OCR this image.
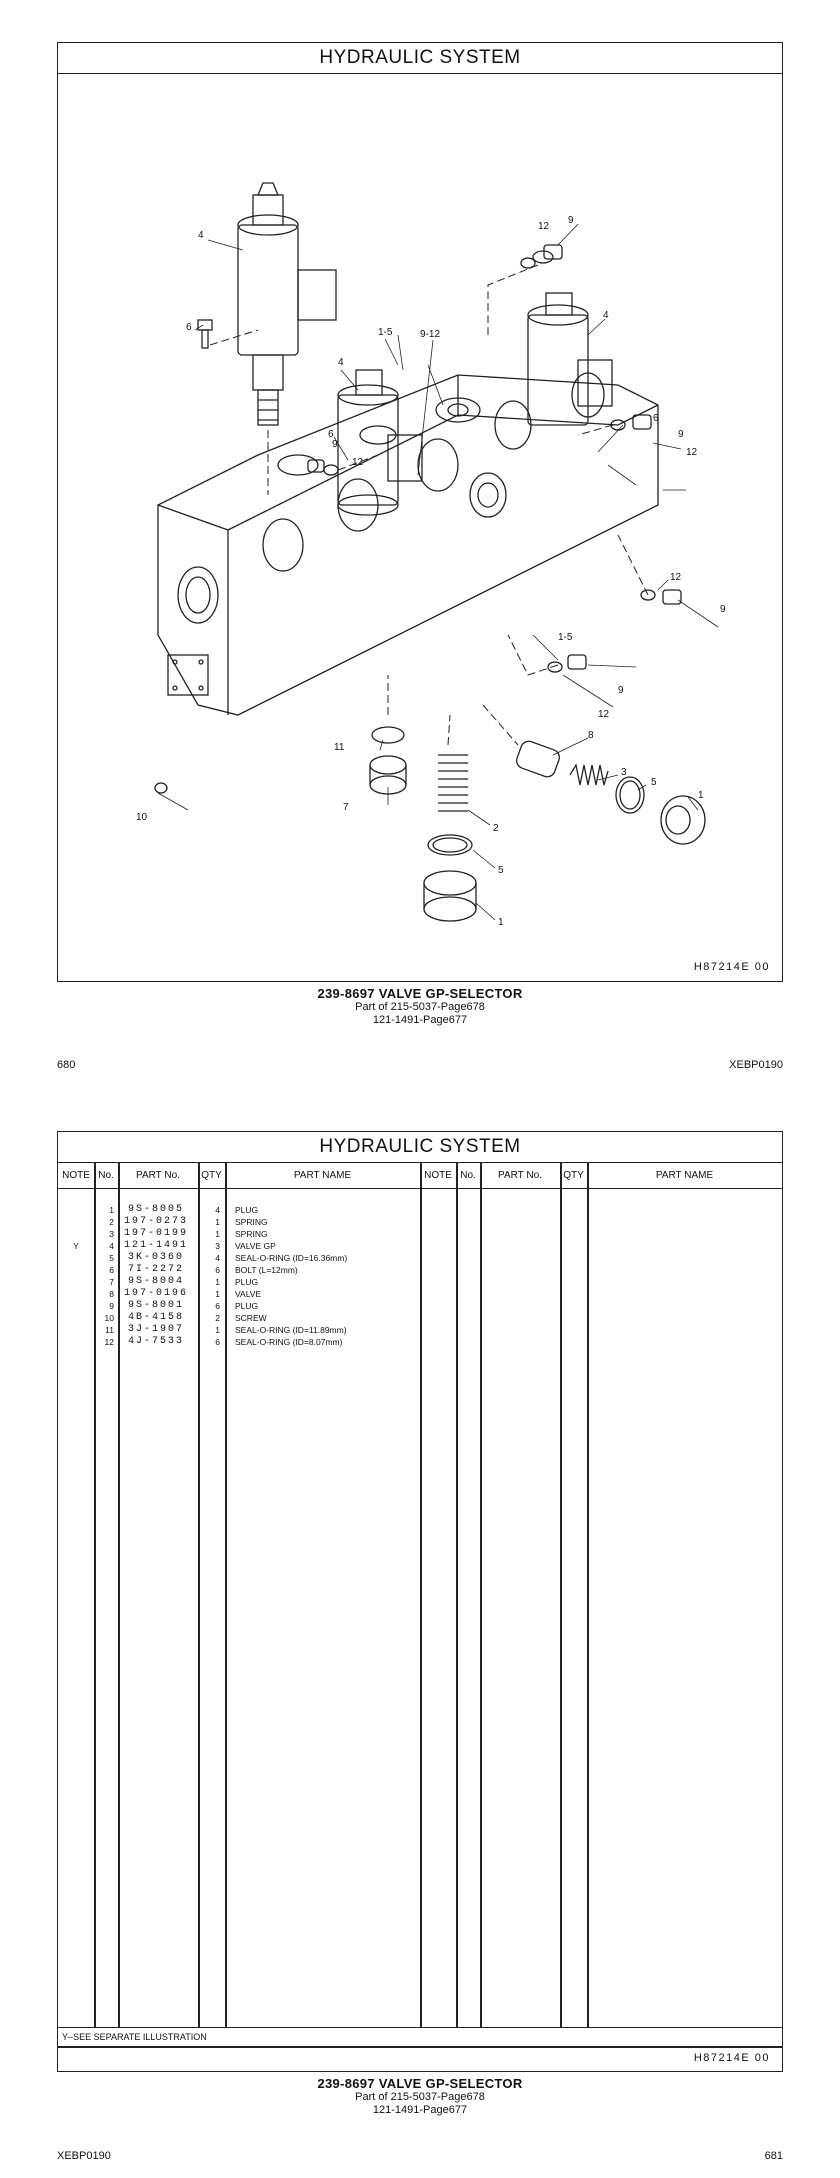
HYDRAULIC SYSTEM
4
6	1-5	9-12
4
12
9
6
9
12
6
12
9
1-5
9
12
8
3
5
11
7
2
5
1
10
1
4
12
9
H87214E 00
239-8697 VALVE GP-SELECTOR
Part of 215-5037-Page678
121-1491-Page677
680	XEBP0190
HYDRAULIC SYSTEM
NOTE No.	PART No.	QTY	PART NAME	NOTE No.	PART No.	QTY	PART NAME
1	9S-8005	4 PLUG
2 197-0273	1 SPRING
3 197-0199	1 SPRING
Y	4 121-1491	3 VALVE GP
5	3K-0360	4 SEAL-O-RING (ID=16.36mm)
6	7I-2272	6 BOLT (L=12mm)
7	9S-8004	1 PLUG
8 197-0196	1 VALVE
9	9S-8001	6 PLUG
10	4B-4158	2 SCREW
11	3J-1907	1 SEAL-O-RING (ID=11.89mm)
12	4J-7533	6 SEAL-O-RING (ID=8.07mm)
Y--SEE SEPARATE ILLUSTRATION
H87214E 00
239-8697 VALVE GP-SELECTOR
Part of 215-5037-Page678
121-1491-Page677
XEBP0190	681
